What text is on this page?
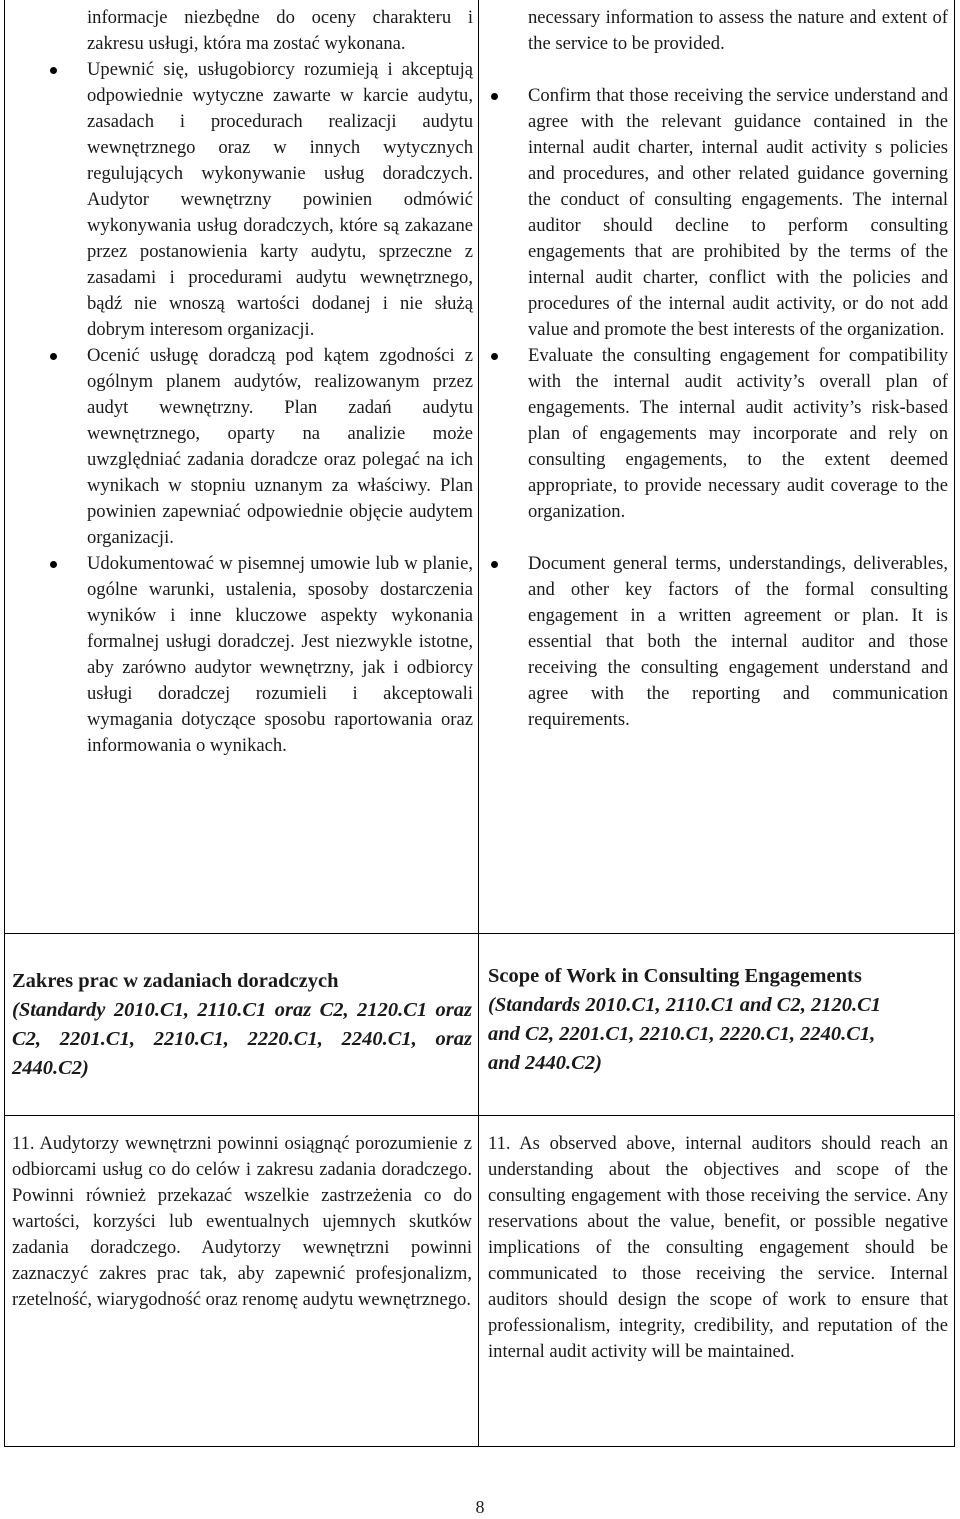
informacje niezbędne do oceny charakteru i zakresu usługi, która ma zostać wykonana.

Upewnić się, usługobiorcy rozumieją i akceptują odpowiednie wytyczne zawarte w karcie audytu, zasadach i procedurach realizacji audytu wewnętrznego oraz w innych wytycznych regulujących wykonywanie usług doradczych. Audytor wewnętrzny powinien odmówić wykonywania usług doradczych, które są zakazane przez postanowienia karty audytu, sprzeczne z zasadami i procedurami audytu wewnętrznego, bądź nie wnoszą wartości dodanej i nie służą dobrym interesom organizacji.
Ocenić usługę doradczą pod kątem zgodności z ogólnym planem audytów, realizowanym przez audyt wewnętrzny. Plan zadań audytu wewnętrznego, oparty na analizie może uwzględniać zadania doradcze oraz polegać na ich wynikach w stopniu uznanym za właściwy. Plan powinien zapewniać odpowiednie objęcie audytem organizacji.
Udokumentować w pisemnej umowie lub w planie, ogólne warunki, ustalenia, sposoby dostarczenia wyników i inne kluczowe aspekty wykonania formalnej usługi doradczej. Jest niezwykle istotne, aby zarówno audytor wewnętrzny, jak i odbiorcy usługi doradczej rozumieli i akceptowali wymagania dotyczące sposobu raportowania oraz informowania o wynikach.

necessary information to assess the nature and extent of the service to be provided.

Confirm that those receiving the service understand and agree with the relevant guidance contained in the internal audit charter, internal audit activity s policies and procedures, and other related guidance governing the conduct of consulting engagements. The internal auditor should decline to perform consulting engagements that are prohibited by the terms of the internal audit charter, conflict with the policies and procedures of the internal audit activity, or do not add value and promote the best interests of the organization.
Evaluate the consulting engagement for compatibility with the internal audit activity’s overall plan of engagements. The internal audit activity’s risk-based plan of engagements may incorporate and rely on consulting engagements, to the extent deemed appropriate, to provide necessary audit coverage to the organization.
Document general terms, understandings, deliverables, and other key factors of the formal consulting engagement in a written agreement or plan. It is essential that both the internal auditor and those receiving the consulting engagement understand and agree with the reporting and communication requirements.
Zakres prac w zadaniach doradczych
(Standardy 2010.C1, 2110.C1 oraz C2, 2120.C1 oraz C2, 2201.C1, 2210.C1, 2220.C1, 2240.C1, oraz 2440.C2)
Scope of Work in Consulting Engagements
(Standards 2010.C1, 2110.C1 and C2, 2120.C1 and C2, 2201.C1, 2210.C1, 2220.C1, 2240.C1, and 2440.C2)

11. Audytorzy wewnętrzni powinni osiągnąć porozumienie z odbiorcami usług co do celów i zakresu zadania doradczego. Powinni również przekazać wszelkie zastrzeżenia co do wartości, korzyści lub ewentualnych ujemnych skutków zadania doradczego. Audytorzy wewnętrzni powinni zaznaczyć zakres prac tak, aby zapewnić profesjonalizm, rzetelność, wiarygodność oraz renomę audytu wewnętrznego.

11. As observed above, internal auditors should reach an understanding about the objectives and scope of the consulting engagement with those receiving the service. Any reservations about the value, benefit, or possible negative implications of the consulting engagement should be communicated to those receiving the service. Internal auditors should design the scope of work to ensure that professionalism, integrity, credibility, and reputation of the internal audit activity will be maintained.

8
